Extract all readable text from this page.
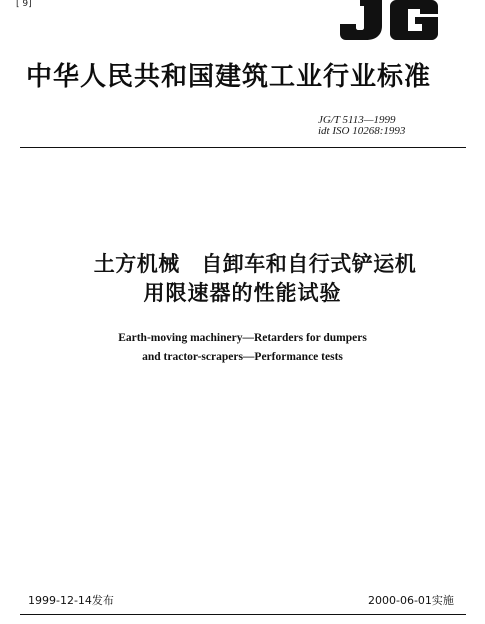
[ 9]
中华人民共和国建筑工业行业标准
JG/T 5113—1999
idt ISO 10268:1993
土方机械　自卸车和自行式铲运机
用限速器的性能试验
Earth-moving machinery—Retarders for dumpers
and tractor-scrapers—Performance tests
1999-12-14发布	2000-06-01实施
